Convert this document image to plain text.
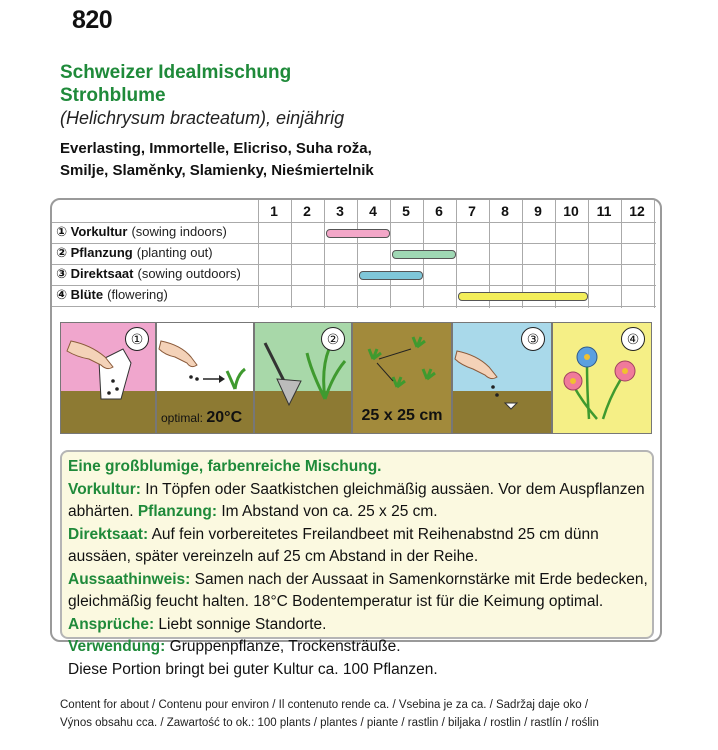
820
Schweizer Idealmischung
Strohblume
(Helichrysum bracteatum), einjährig
Everlasting, Immortelle, Elicriso, Suha roža,
Smilje, Slaměnky, Slamienky, Nieśmiertelnik
1	2	3	4	5	6	7	8	9	10	11	12
① Vorkultur (sowing indoors)
② Pflanzung (planting out)
③ Direktsaat (sowing outdoors)
④ Blüte (flowering)
①
optimal: 20°C
②
25 x 25 cm
③	④
Eine großblumige, farbenreiche Mischung.
Vorkultur: In Töpfen oder Saatkistchen gleichmäßig aussäen. Vor dem Auspflanzen abhärten. Pflanzung: Im Abstand von ca. 25 x 25 cm.
Direktsaat: Auf fein vorbereitetes Freilandbeet mit Reihenabstnd 25 cm dünn aussäen, später vereinzeln auf 25 cm Abstand in der Reihe.
Aussaathinweis: Samen nach der Aussaat in Samenkornstärke mit Erde bedecken, gleichmäßig feucht halten. 18°C Bodentemperatur ist für die Keimung optimal. Ansprüche: Liebt sonnige Standorte.
Verwendung: Gruppenpflanze, Trockensträuße.
Diese Portion bringt bei guter Kultur ca. 100 Pflanzen.
Content for about / Contenu pour environ / Il contenuto rende ca. / Vsebina je za ca. / Sadržaj daje oko /
Výnos obsahu cca. / Zawartość to ok.: 100 plants / plantes / piante / rastlin / biljaka / rostlin / rastlín / roślin
